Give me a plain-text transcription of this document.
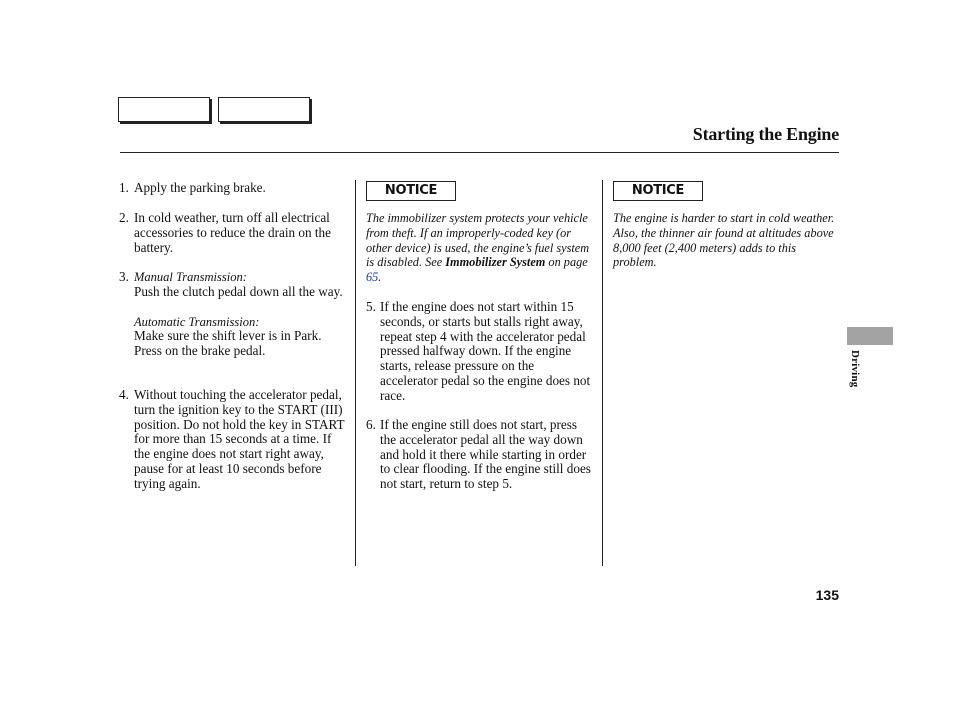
Starting the Engine
1. Apply the parking brake.
2. In cold weather, turn off all electrical accessories to reduce the drain on the battery.
3. Manual Transmission:
Push the clutch pedal down all the way.
Automatic Transmission:
Make sure the shift lever is in Park. Press on the brake pedal.
4. Without touching the accelerator pedal, turn the ignition key to the START (III) position. Do not hold the key in START for more than 15 seconds at a time. If the engine does not start right away, pause for at least 10 seconds before trying again.
NOTICE
The immobilizer system protects your vehicle from theft. If an improperly-coded key (or other device) is used, the engine’s fuel system is disabled. See Immobilizer System on page 65.
5. If the engine does not start within 15 seconds, or starts but stalls right away, repeat step 4 with the accelerator pedal pressed halfway down. If the engine starts, release pressure on the accelerator pedal so the engine does not race.
6. If the engine still does not start, press the accelerator pedal all the way down and hold it there while starting in order to clear flooding. If the engine still does not start, return to step 5.
NOTICE
The engine is harder to start in cold weather. Also, the thinner air found at altitudes above 8,000 feet (2,400 meters) adds to this problem.
Driving
135
